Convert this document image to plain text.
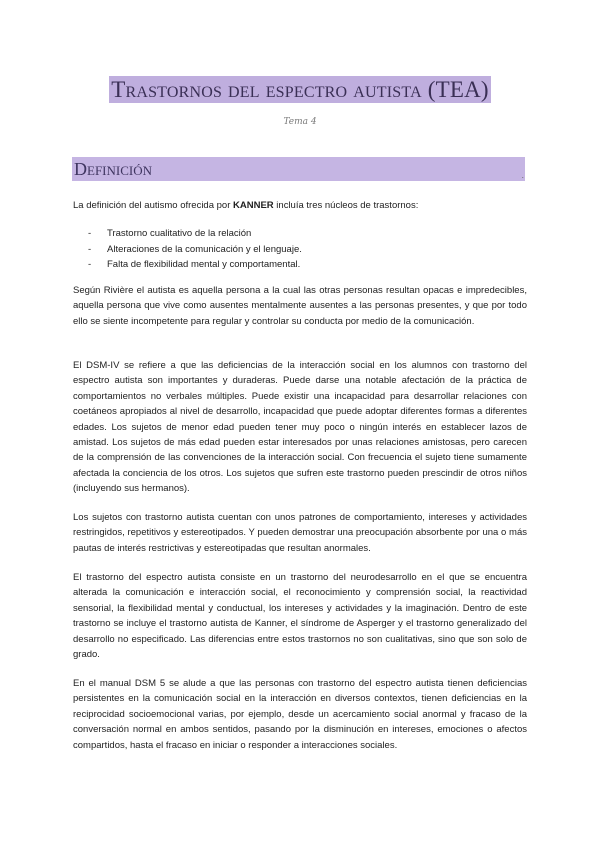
Trastornos del espectro autista (TEA)
Tema 4
Definición	.
La definición del autismo ofrecida por KANNER incluía tres núcleos de trastornos:
- Trastorno cualitativo de la relación
- Alteraciones de la comunicación y el lenguaje.
- Falta de flexibilidad mental y comportamental.
Según Rivière el autista es aquella persona a la cual las otras personas resultan opacas e impredecibles, aquella persona que vive como ausentes mentalmente ausentes a las personas presentes, y que por todo ello se siente incompetente para regular y controlar su conducta por medio de la comunicación.
El DSM-IV se refiere a que las deficiencias de la interacción social en los alumnos con trastorno del espectro autista son importantes y duraderas. Puede darse una notable afectación de la práctica de comportamientos no verbales múltiples. Puede existir una incapacidad para desarrollar relaciones con coetáneos apropiados al nivel de desarrollo, incapacidad que puede adoptar diferentes formas a diferentes edades. Los sujetos de menor edad pueden tener muy poco o ningún interés en establecer lazos de amistad. Los sujetos de más edad pueden estar interesados por unas relaciones amistosas, pero carecen de la comprensión de las convenciones de la interacción social. Con frecuencia el sujeto tiene sumamente afectada la conciencia de los otros. Los sujetos que sufren este trastorno pueden prescindir de otros niños (incluyendo sus hermanos).
Los sujetos con trastorno autista cuentan con unos patrones de comportamiento, intereses y actividades restringidos, repetitivos y estereotipados. Y pueden demostrar una preocupación absorbente por una o más pautas de interés restrictivas y estereotipadas que resultan anormales.
El trastorno del espectro autista consiste en un trastorno del neurodesarrollo en el que se encuentra alterada la comunicación e interacción social, el reconocimiento y comprensión social, la reactividad sensorial, la flexibilidad mental y conductual, los intereses y actividades y la imaginación. Dentro de este trastorno se incluye el trastorno autista de Kanner, el síndrome de Asperger y el trastorno generalizado del desarrollo no especificado. Las diferencias entre estos trastornos no son cualitativas, sino que son solo de grado.
En el manual DSM 5 se alude a que las personas con trastorno del espectro autista tienen deficiencias persistentes en la comunicación social en la interacción en diversos contextos, tienen deficiencias en la reciprocidad socioemocional varias, por ejemplo, desde un acercamiento social anormal y fracaso de la conversación normal en ambos sentidos, pasando por la disminución en intereses, emociones o afectos compartidos, hasta el fracaso en iniciar o responder a interacciones sociales.
